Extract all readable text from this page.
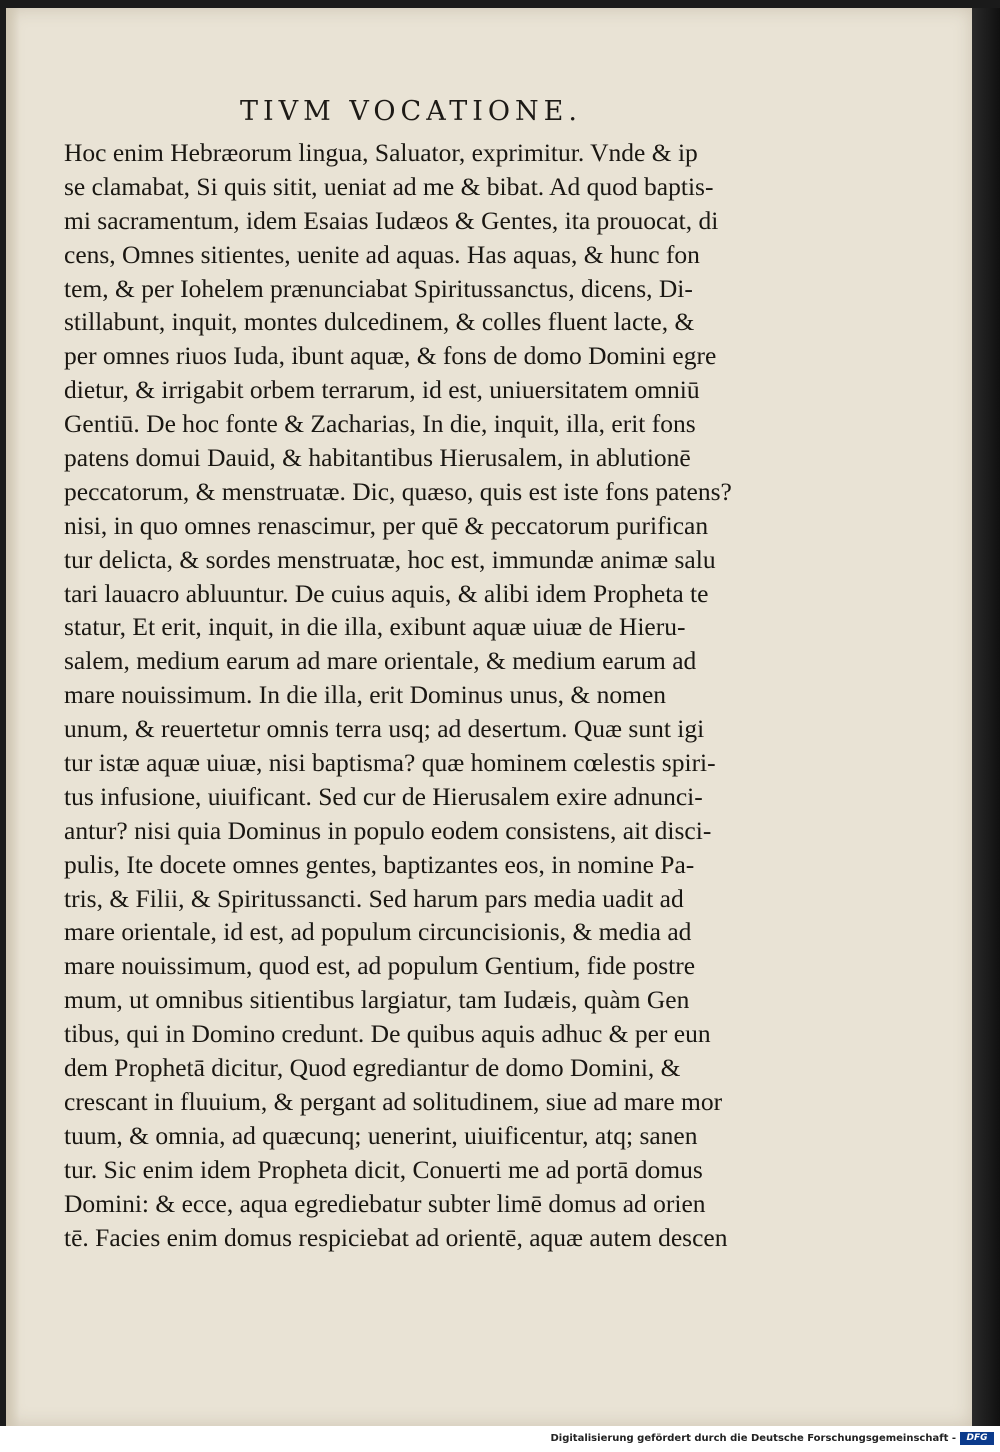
TIVM VOCATIONE.
Hoc enim Hebræorum lingua, Saluator, exprimitur. Vnde & ip
se clamabat, Si quis sitit, ueniat ad me & bibat. Ad quod baptis-
mi sacramentum, idem Esaias Iudæos & Gentes, ita prouocat, di
cens, Omnes sitientes, uenite ad aquas. Has aquas, & hunc fon
tem, & per Iohelem prænunciabat Spiritussanctus, dicens, Di-
stillabunt, inquit, montes dulcedinem, & colles fluent lacte, &
per omnes riuos Iuda, ibunt aquæ, & fons de domo Domini egre
dietur, & irrigabit orbem terrarum, id est, uniuersitatem omniū
Gentiū. De hoc fonte & Zacharias, In die, inquit, illa, erit fons
patens domui Dauid, & habitantibus Hierusalem, in ablutionē
peccatorum, & menstruatæ. Dic, quæso, quis est iste fons patens?
nisi, in quo omnes renascimur, per quē & peccatorum purifican
tur delicta, & sordes menstruatæ, hoc est, immundæ animæ salu
tari lauacro abluuntur. De cuius aquis, & alibi idem Propheta te
statur, Et erit, inquit, in die illa, exibunt aquæ uiuæ de Hieru-
salem, medium earum ad mare orientale, & medium earum ad
mare nouissimum. In die illa, erit Dominus unus, & nomen
unum, & reuertetur omnis terra usq; ad desertum. Quæ sunt igi
tur istæ aquæ uiuæ, nisi baptisma? quæ hominem cœlestis spiri-
tus infusione, uiuificant. Sed cur de Hierusalem exire adnunci-
antur? nisi quia Dominus in populo eodem consistens, ait disci-
pulis, Ite docete omnes gentes, baptizantes eos, in nomine Pa-
tris, & Filii, & Spiritussancti. Sed harum pars media uadit ad
mare orientale, id est, ad populum circuncisionis, & media ad
mare nouissimum, quod est, ad populum Gentium, fide postre
mum, ut omnibus sitientibus largiatur, tam Iudæis, quàm Gen
tibus, qui in Domino credunt. De quibus aquis adhuc & per eun
dem Prophetā dicitur, Quod egrediantur de domo Domini, &
crescant in fluuium, & pergant ad solitudinem, siue ad mare mor
tuum, & omnia, ad quæcunq; uenerint, uiuificentur, atq; sanen
tur. Sic enim idem Propheta dicit, Conuerti me ad portā domus
Domini: & ecce, aqua egrediebatur subter limē domus ad orien
tē. Facies enim domus respiciebat ad orientē, aquæ autem descen
Digitalisierung gefördert durch die Deutsche Forschungsgemeinschaft -	DFG
